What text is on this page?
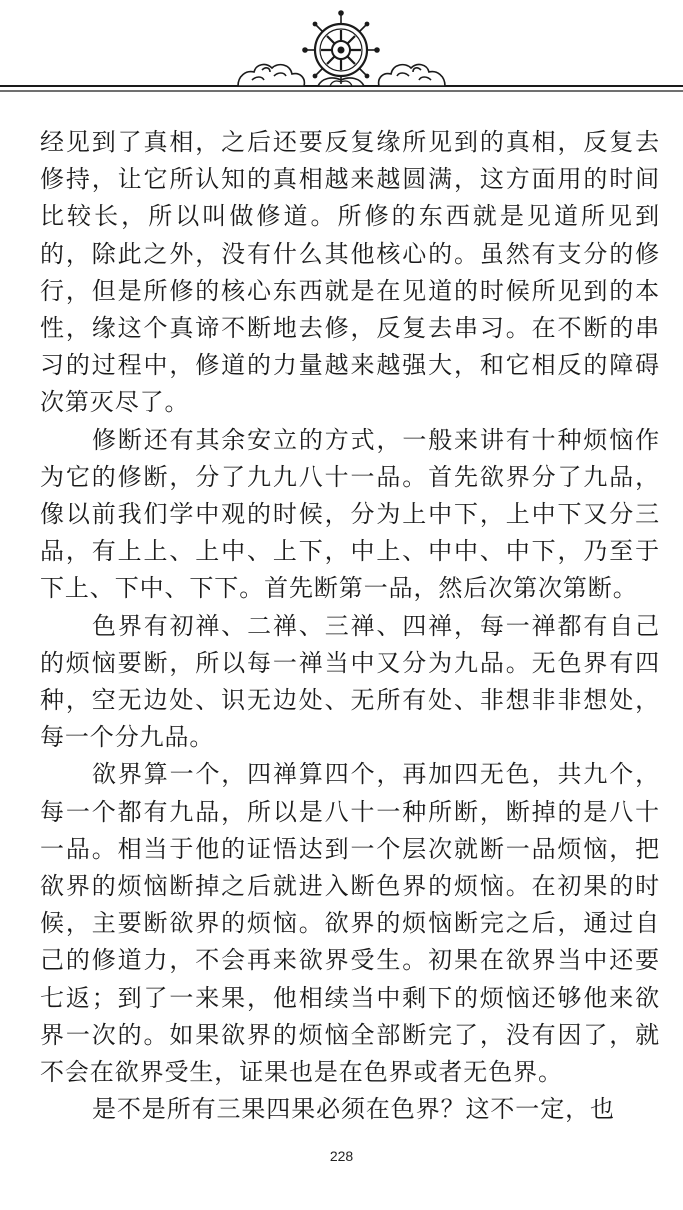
经见到了真相，之后还要反复缘所见到的真相，反复去修持，让它所认知的真相越来越圆满，这方面用的时间比较长，所以叫做修道。所修的东西就是见道所见到的，除此之外，没有什么其他核心的。虽然有支分的修行，但是所修的核心东西就是在见道的时候所见到的本性，缘这个真谛不断地去修，反复去串习。在不断的串习的过程中，修道的力量越来越强大，和它相反的障碍次第灭尽了。

修断还有其余安立的方式，一般来讲有十种烦恼作为它的修断，分了九九八十一品。首先欲界分了九品，像以前我们学中观的时候，分为上中下，上中下又分三品，有上上、上中、上下，中上、中中、中下，乃至于下上、下中、下下。首先断第一品，然后次第次第断。

色界有初禅、二禅、三禅、四禅，每一禅都有自己的烦恼要断，所以每一禅当中又分为九品。无色界有四种，空无边处、识无边处、无所有处、非想非非想处，每一个分九品。

欲界算一个，四禅算四个，再加四无色，共九个，每一个都有九品，所以是八十一种所断，断掉的是八十一品。相当于他的证悟达到一个层次就断一品烦恼，把欲界的烦恼断掉之后就进入断色界的烦恼。在初果的时候，主要断欲界的烦恼。欲界的烦恼断完之后，通过自己的修道力，不会再来欲界受生。初果在欲界当中还要七返；到了一来果，他相续当中剩下的烦恼还够他来欲界一次的。如果欲界的烦恼全部断完了，没有因了，就不会在欲界受生，证果也是在色界或者无色界。

是不是所有三果四果必须在色界？这不一定，也

228
